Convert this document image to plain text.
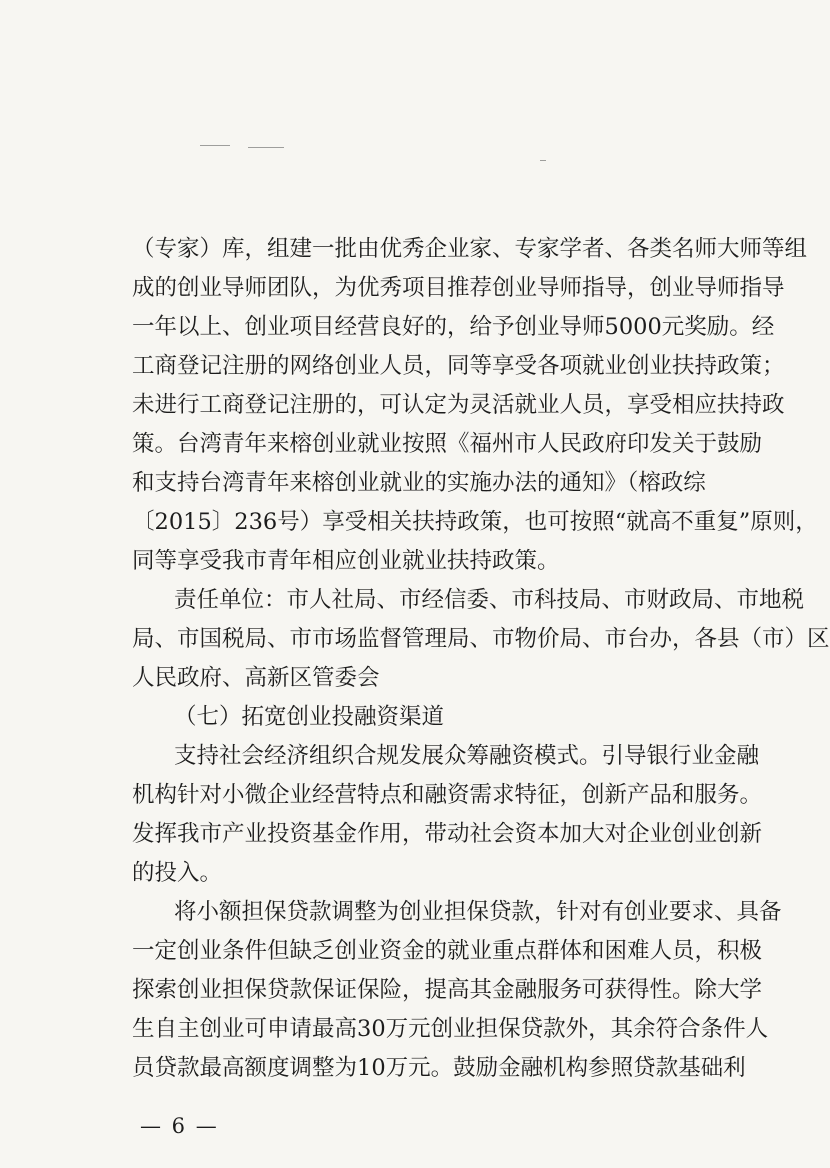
（专家）库，组建一批由优秀企业家、专家学者、各类名师大师等组
成的创业导师团队，为优秀项目推荐创业导师指导，创业导师指导
一年以上、创业项目经营良好的，给予创业导师5000元奖励。经
工商登记注册的网络创业人员，同等享受各项就业创业扶持政策；
未进行工商登记注册的，可认定为灵活就业人员，享受相应扶持政
策。台湾青年来榕创业就业按照《福州市人民政府印发关于鼓励
和支持台湾青年来榕创业就业的实施办法的通知》（榕政综
〔2015〕236号）享受相关扶持政策，也可按照“就高不重复”原则，
同等享受我市青年相应创业就业扶持政策。
责任单位：市人社局、市经信委、市科技局、市财政局、市地税
局、市国税局、市市场监督管理局、市物价局、市台办，各县（市）区
人民政府、高新区管委会
（七）拓宽创业投融资渠道
支持社会经济组织合规发展众筹融资模式。引导银行业金融
机构针对小微企业经营特点和融资需求特征，创新产品和服务。
发挥我市产业投资基金作用，带动社会资本加大对企业创业创新
的投入。
将小额担保贷款调整为创业担保贷款，针对有创业要求、具备
一定创业条件但缺乏创业资金的就业重点群体和困难人员，积极
探索创业担保贷款保证保险，提高其金融服务可获得性。除大学
生自主创业可申请最高30万元创业担保贷款外，其余符合条件人
员贷款最高额度调整为10万元。鼓励金融机构参照贷款基础利
— 6 —
